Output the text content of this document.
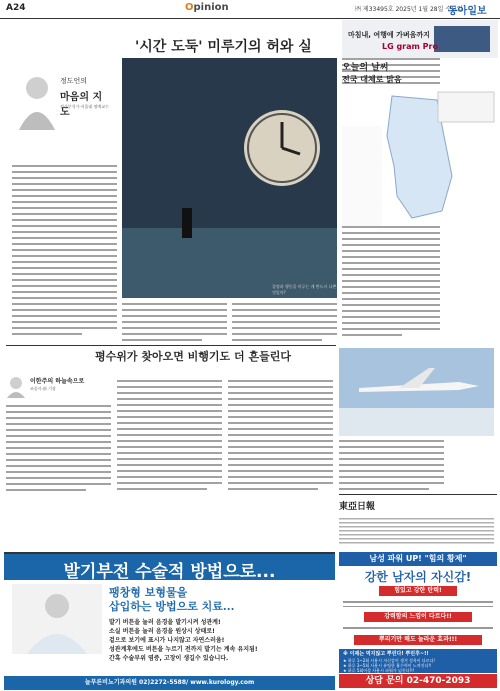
A24	Opinion	㈜ 제33495호 2025년 1월 28일 수요일
동아일보
'시간 도둑' 미루기의 허와 실
정도언의
마음의 지도
정신분석가·서울대 명예교수
결정과 행동을 미루는 게 반드시 나쁜 것일까?
마침내, 여행에 가벼움까지
LG gram Pro
오늘의 날씨
전국 대체로 맑음
평수위가 찾아오면 비행기도 더 흔들린다
이한주의 하늘속으로
조종사·前 기장
東亞日報
발기부전 수술적 방법으로...
팽창형 보형물을
삽입하는 방법으로 치료...
발기 버튼을 눌러 음경을 발기시켜 성관계!
소실 버튼을 눌러 음경을 원상시 상태로!
겉으로 보기에 표시가 나지않고 자연스러움!
성관계후에도 버튼을 누르기 전까지 발기는 계속 유지됨!
간혹 수술부위 염증, 고장이 생길수 있습니다.
늘푸른비뇨기과의원 02)2272-5588/ www.kurology.com
남성 파워 UP! "힘의 황제"
강한 남자의 자신감!
힘있고 강한 탄력!
강력함의 느낌이 다르다!!
뿌리기만 해도 놀라운 효과!!!
※ 이제는 먹지않고 뿌린다! 뿌린후~!!
★ 하루 1~2회 사용시 자신감이 생겨 성욕이 다르다!
★ 하루 3~5회 사용시 유팅한 흡수력이 느껴진다!!
★ 하루 5회이상 사용시 파워가 넘친다!!!
상담 문의 02-470-2093
